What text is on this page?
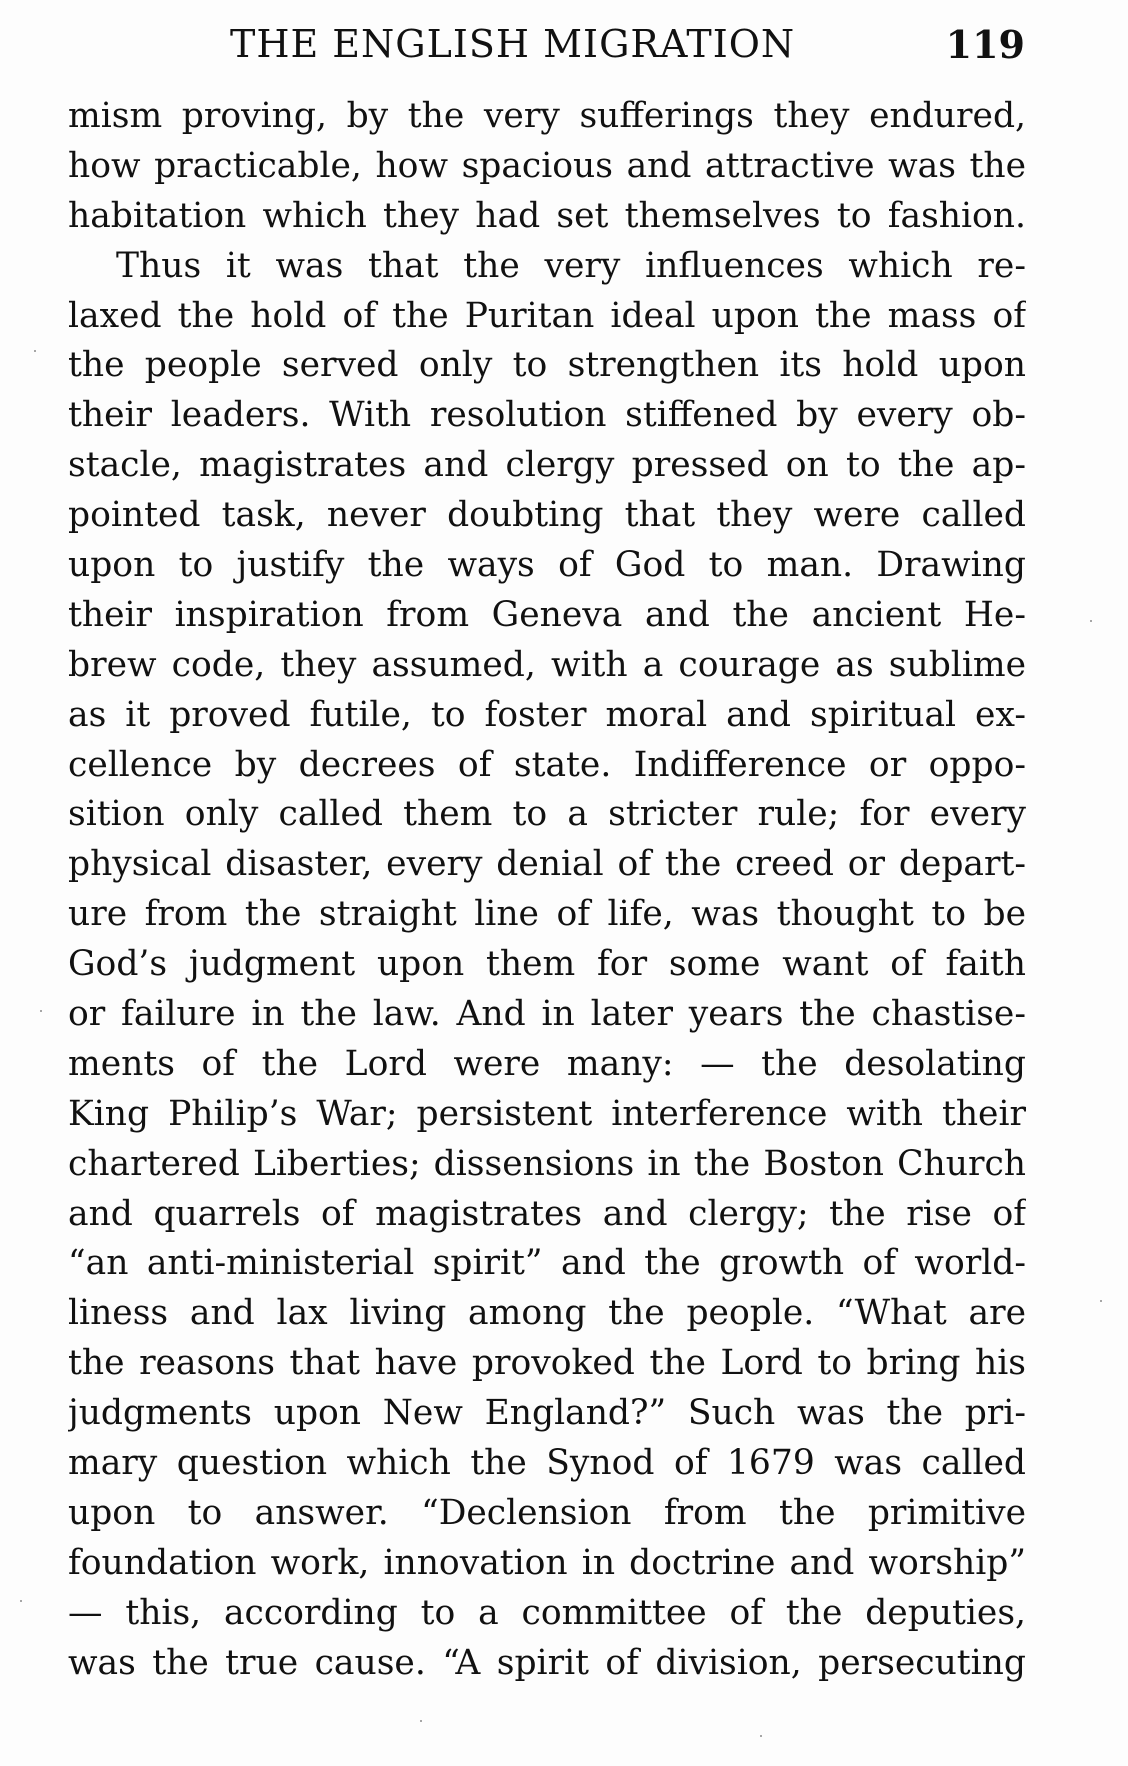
THE ENGLISH MIGRATION	119
mism proving, by the very sufferings they endured,
how practicable, how spacious and attractive was the
habitation which they had set themselves to fashion.
Thus it was that the very influences which re-
laxed the hold of the Puritan ideal upon the mass of
the people served only to strengthen its hold upon
their leaders. With resolution stiffened by every ob-
stacle, magistrates and clergy pressed on to the ap-
pointed task, never doubting that they were called
upon to justify the ways of God to man. Drawing
their inspiration from Geneva and the ancient He-
brew code, they assumed, with a courage as sublime
as it proved futile, to foster moral and spiritual ex-
cellence by decrees of state. Indifference or oppo-
sition only called them to a stricter rule; for every
physical disaster, every denial of the creed or depart-
ure from the straight line of life, was thought to be
God’s judgment upon them for some want of faith
or failure in the law. And in later years the chastise-
ments of the Lord were many: — the desolating
King Philip’s War; persistent interference with their
chartered Liberties; dissensions in the Boston Church
and quarrels of magistrates and clergy; the rise of
“an anti-ministerial spirit” and the growth of world-
liness and lax living among the people. “What are
the reasons that have provoked the Lord to bring his
judgments upon New England?” Such was the pri-
mary question which the Synod of 1679 was called
upon to answer. “Declension from the primitive
foundation work, innovation in doctrine and worship”
— this, according to a committee of the deputies,
was the true cause. “A spirit of division, persecuting
